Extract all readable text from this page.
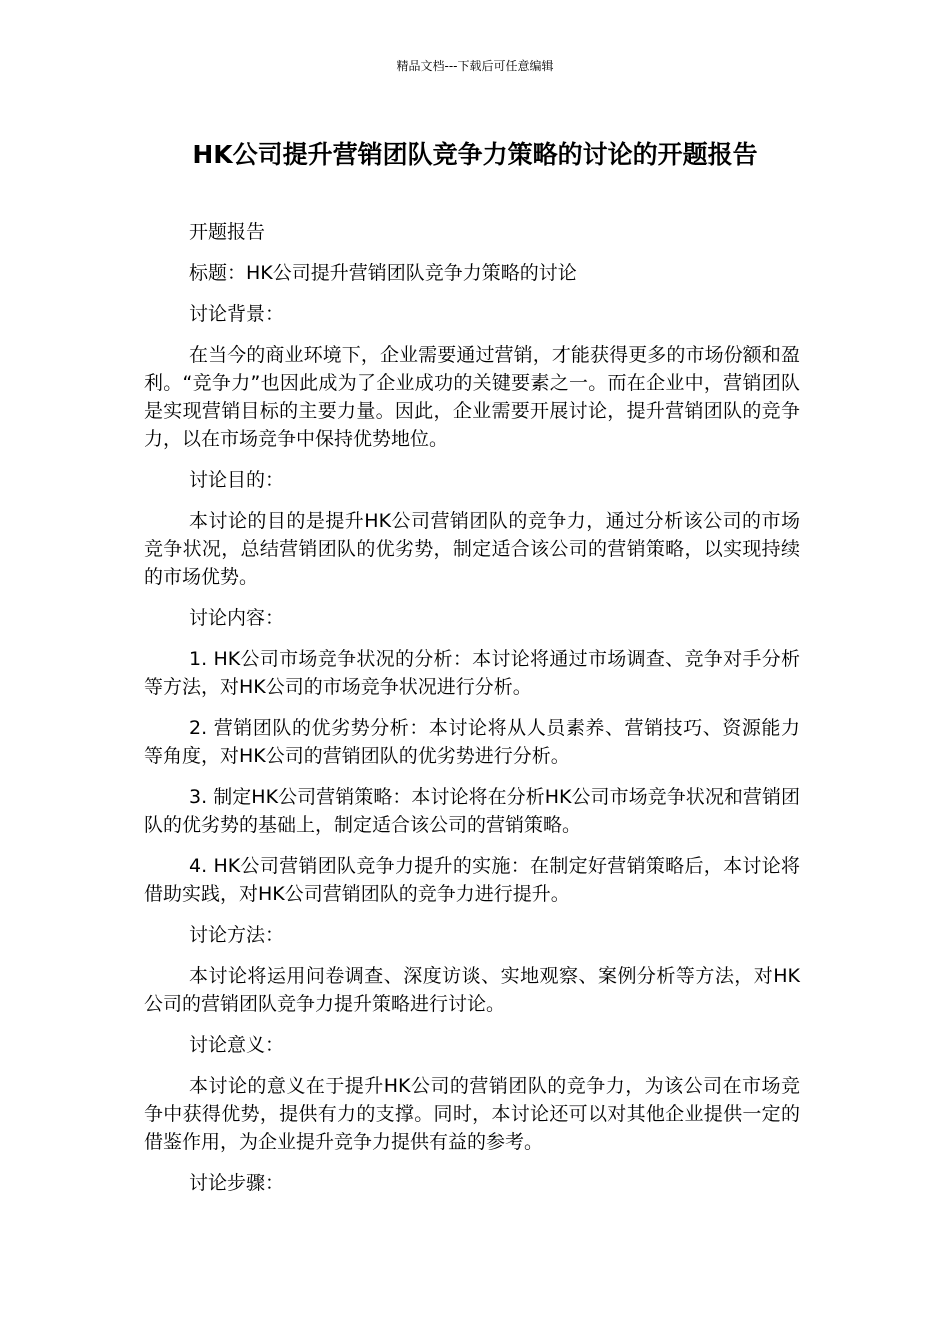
精品文档---下载后可任意编辑
HK公司提升营销团队竞争力策略的讨论的开题报告

开题报告

标题：HK公司提升营销团队竞争力策略的讨论

讨论背景：

在当今的商业环境下，企业需要通过营销，才能获得更多的市场份额和盈利。“竞争力”也因此成为了企业成功的关键要素之一。而在企业中，营销团队是实现营销目标的主要力量。因此，企业需要开展讨论，提升营销团队的竞争力，以在市场竞争中保持优势地位。

讨论目的：

本讨论的目的是提升HK公司营销团队的竞争力，通过分析该公司的市场竞争状况，总结营销团队的优劣势，制定适合该公司的营销策略，以实现持续的市场优势。

讨论内容：

1. HK公司市场竞争状况的分析：本讨论将通过市场调查、竞争对手分析等方法，对HK公司的市场竞争状况进行分析。

2. 营销团队的优劣势分析：本讨论将从人员素养、营销技巧、资源能力等角度，对HK公司的营销团队的优劣势进行分析。

3. 制定HK公司营销策略：本讨论将在分析HK公司市场竞争状况和营销团队的优劣势的基础上，制定适合该公司的营销策略。

4. HK公司营销团队竞争力提升的实施：在制定好营销策略后，本讨论将借助实践，对HK公司营销团队的竞争力进行提升。

讨论方法：

本讨论将运用问卷调查、深度访谈、实地观察、案例分析等方法，对HK公司的营销团队竞争力提升策略进行讨论。

讨论意义：

本讨论的意义在于提升HK公司的营销团队的竞争力，为该公司在市场竞争中获得优势，提供有力的支撑。同时，本讨论还可以对其他企业提供一定的借鉴作用，为企业提升竞争力提供有益的参考。

讨论步骤：
